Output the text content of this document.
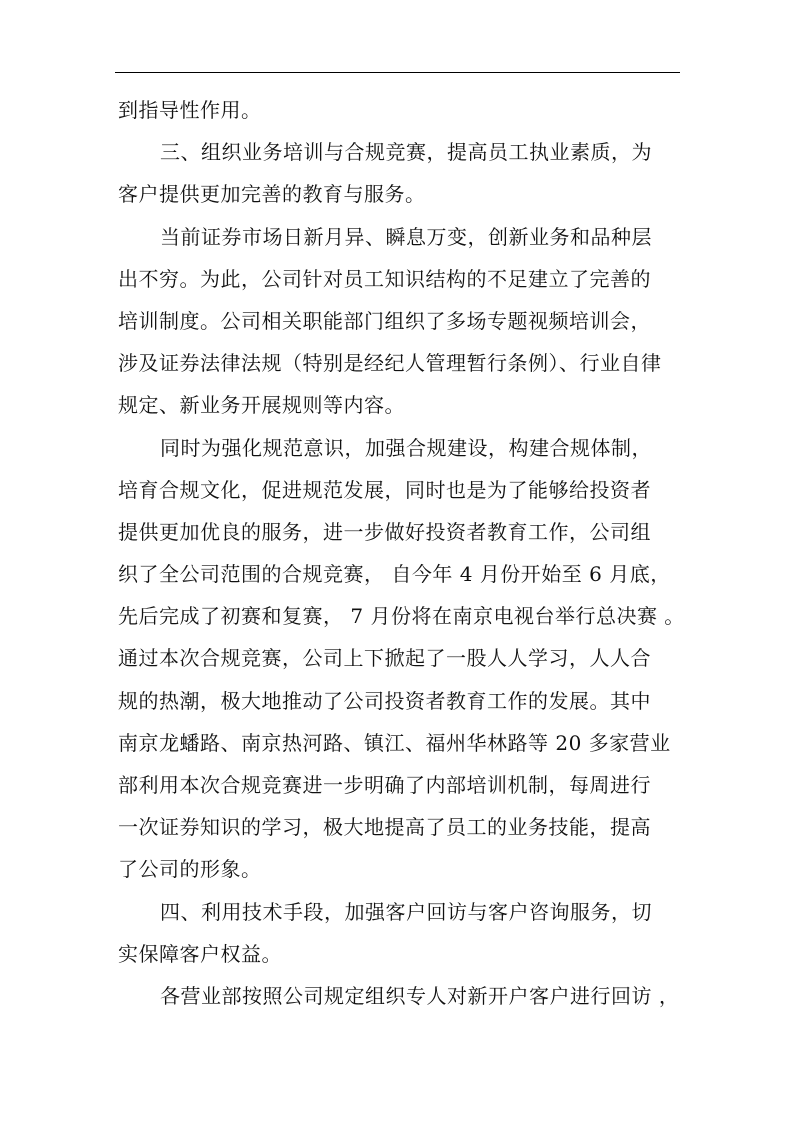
到指导性作用。
三、组织业务培训与合规竞赛，提高员工执业素质，为
客户提供更加完善的教育与服务。
当前证券市场日新月异、瞬息万变，创新业务和品种层
出不穷。为此，公司针对员工知识结构的不足建立了完善的
培训制度。公司相关职能部门组织了多场专题视频培训会，
涉及证券法律法规（特别是经纪人管理暂行条例）、行业自律
规定、新业务开展规则等内容。
同时为强化规范意识，加强合规建设，构建合规体制，
培育合规文化，促进规范发展，同时也是为了能够给投资者
提供更加优良的服务，进一步做好投资者教育工作，公司组
织了全公司范围的合规竞赛， 自今年 4 月份开始至 6 月底，
先后完成了初赛和复赛， 7 月份将在南京电视台举行总决赛 。
通过本次合规竞赛，公司上下掀起了一股人人学习，人人合
规的热潮，极大地推动了公司投资者教育工作的发展。其中
南京龙蟠路、南京热河路、镇江、福州华林路等 20 多家营业
部利用本次合规竞赛进一步明确了内部培训机制，每周进行
一次证券知识的学习，极大地提高了员工的业务技能，提高
了公司的形象。
四、利用技术手段，加强客户回访与客户咨询服务，切
实保障客户权益。
各营业部按照公司规定组织专人对新开户客户进行回访 ，
